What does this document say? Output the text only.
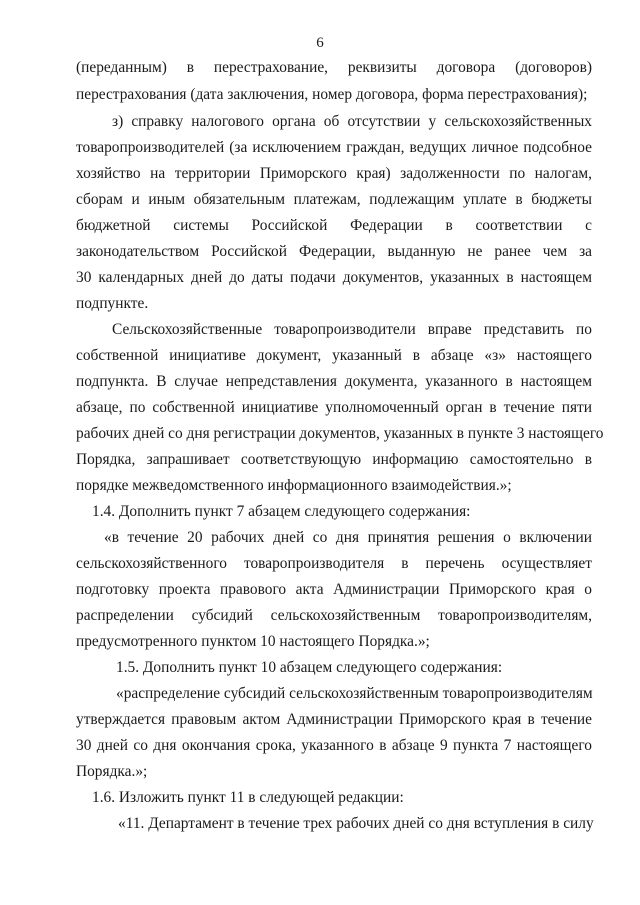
6
(переданным) в перестрахование, реквизиты договора (договоров)
перестрахования (дата заключения, номер договора, форма перестрахования);
з) справку налогового органа об отсутствии у сельскохозяйственных
товаропроизводителей (за исключением граждан, ведущих личное подсобное
хозяйство на территории Приморского края) задолженности по налогам,
сборам и иным обязательным платежам, подлежащим уплате в бюджеты
бюджетной системы Российской Федерации в соответствии с
законодательством Российской Федерации, выданную не ранее чем за
30 календарных дней до даты подачи документов, указанных в настоящем
подпункте.
Сельскохозяйственные товаропроизводители вправе представить по
собственной инициативе документ, указанный в абзаце «з» настоящего
подпункта. В случае непредставления документа, указанного в настоящем
абзаце, по собственной инициативе уполномоченный орган в течение пяти
рабочих дней со дня регистрации документов, указанных в пункте 3 настоящего
Порядка, запрашивает соответствующую информацию самостоятельно в
порядке межведомственного информационного взаимодействия.»;
1.4. Дополнить пункт 7 абзацем следующего содержания:
«в течение 20 рабочих дней со дня принятия решения о включении
сельскохозяйственного товаропроизводителя в перечень осуществляет
подготовку проекта правового акта Администрации Приморского края о
распределении субсидий сельскохозяйственным товаропроизводителям,
предусмотренного пунктом 10 настоящего Порядка.»;
1.5. Дополнить пункт 10 абзацем следующего содержания:
«распределение субсидий сельскохозяйственным товаропроизводителям
утверждается правовым актом Администрации Приморского края в течение
30 дней со дня окончания срока, указанного в абзаце 9 пункта 7 настоящего
Порядка.»;
1.6. Изложить пункт 11 в следующей редакции:
«11. Департамент в течение трех рабочих дней со дня вступления в силу
